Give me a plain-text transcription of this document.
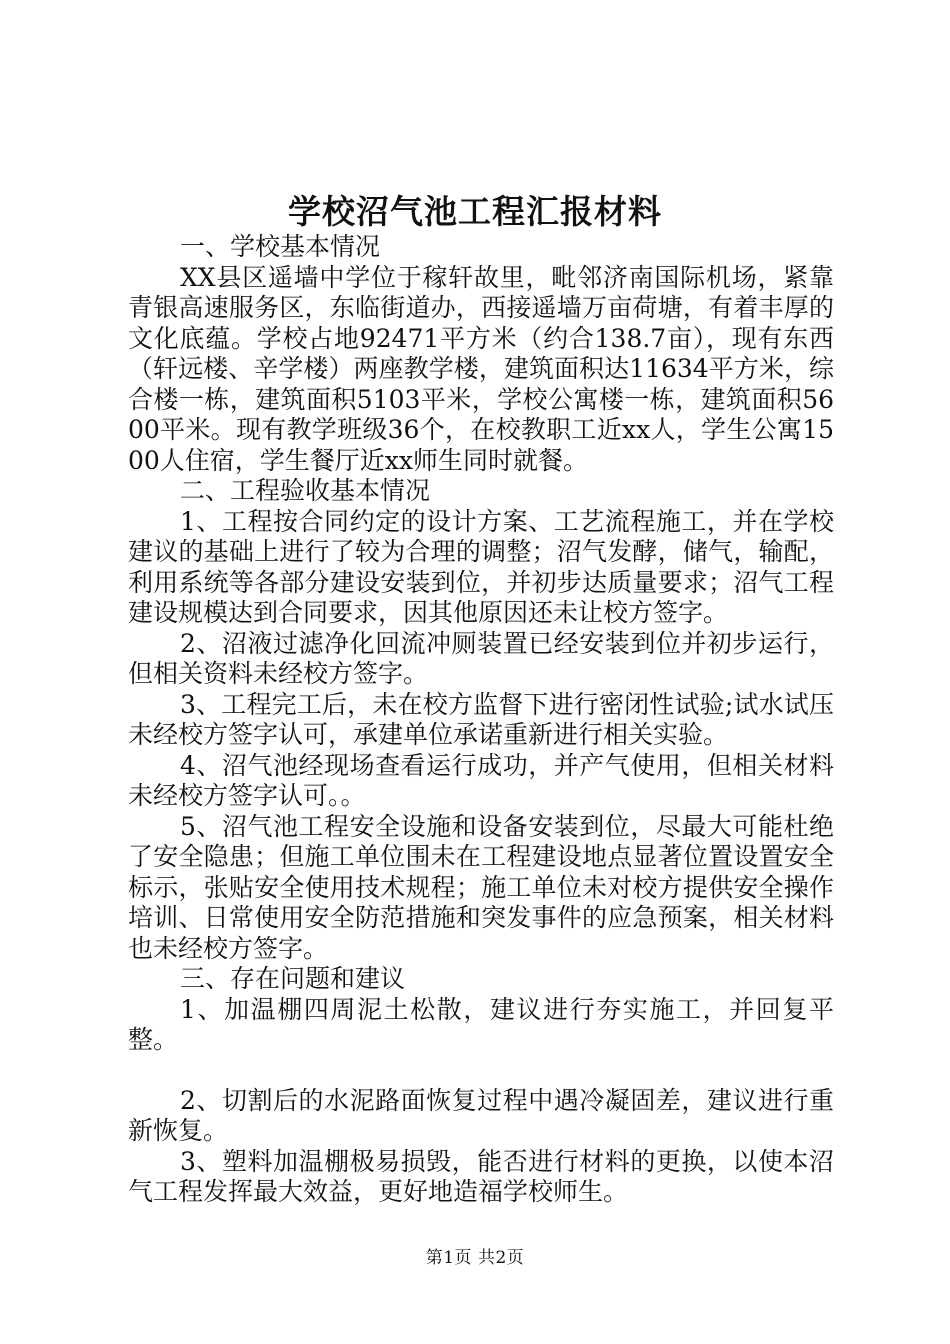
学校沼气池工程汇报材料

一、学校基本情况

XX县区遥墙中学位于稼轩故里，毗邻济南国际机场，紧靠青银高速服务区，东临街道办，西接遥墙万亩荷塘，有着丰厚的文化底蕴。学校占地92471平方米（约合138.7亩），现有东西（轩远楼、辛学楼）两座教学楼，建筑面积达11634平方米，综合楼一栋，建筑面积5103平米，学校公寓楼一栋，建筑面积5600平米。现有教学班级36个，在校教职工近xx人，学生公寓1500人住宿，学生餐厅近xx师生同时就餐。

二、工程验收基本情况

1、工程按合同约定的设计方案、工艺流程施工，并在学校建议的基础上进行了较为合理的调整；沼气发酵，储气，输配，利用系统等各部分建设安装到位，并初步达质量要求；沼气工程建设规模达到合同要求，因其他原因还未让校方签字。

2、沼液过滤净化回流冲厕装置已经安装到位并初步运行，但相关资料未经校方签字。

3、工程完工后，未在校方监督下进行密闭性试验;试水试压未经校方签字认可，承建单位承诺重新进行相关实验。

4、沼气池经现场查看运行成功，并产气使用，但相关材料未经校方签字认可。。

5、沼气池工程安全设施和设备安装到位，尽最大可能杜绝了安全隐患；但施工单位围未在工程建设地点显著位置设置安全标示，张贴安全使用技术规程；施工单位未对校方提供安全操作培训、日常使用安全防范措施和突发事件的应急预案，相关材料也未经校方签字。

三、存在问题和建议

1、加温棚四周泥土松散，建议进行夯实施工，并回复平整。

2、切割后的水泥路面恢复过程中遇冷凝固差，建议进行重新恢复。

3、塑料加温棚极易损毁，能否进行材料的更换，以使本沼气工程发挥最大效益，更好地造福学校师生。

第1页 共2页
